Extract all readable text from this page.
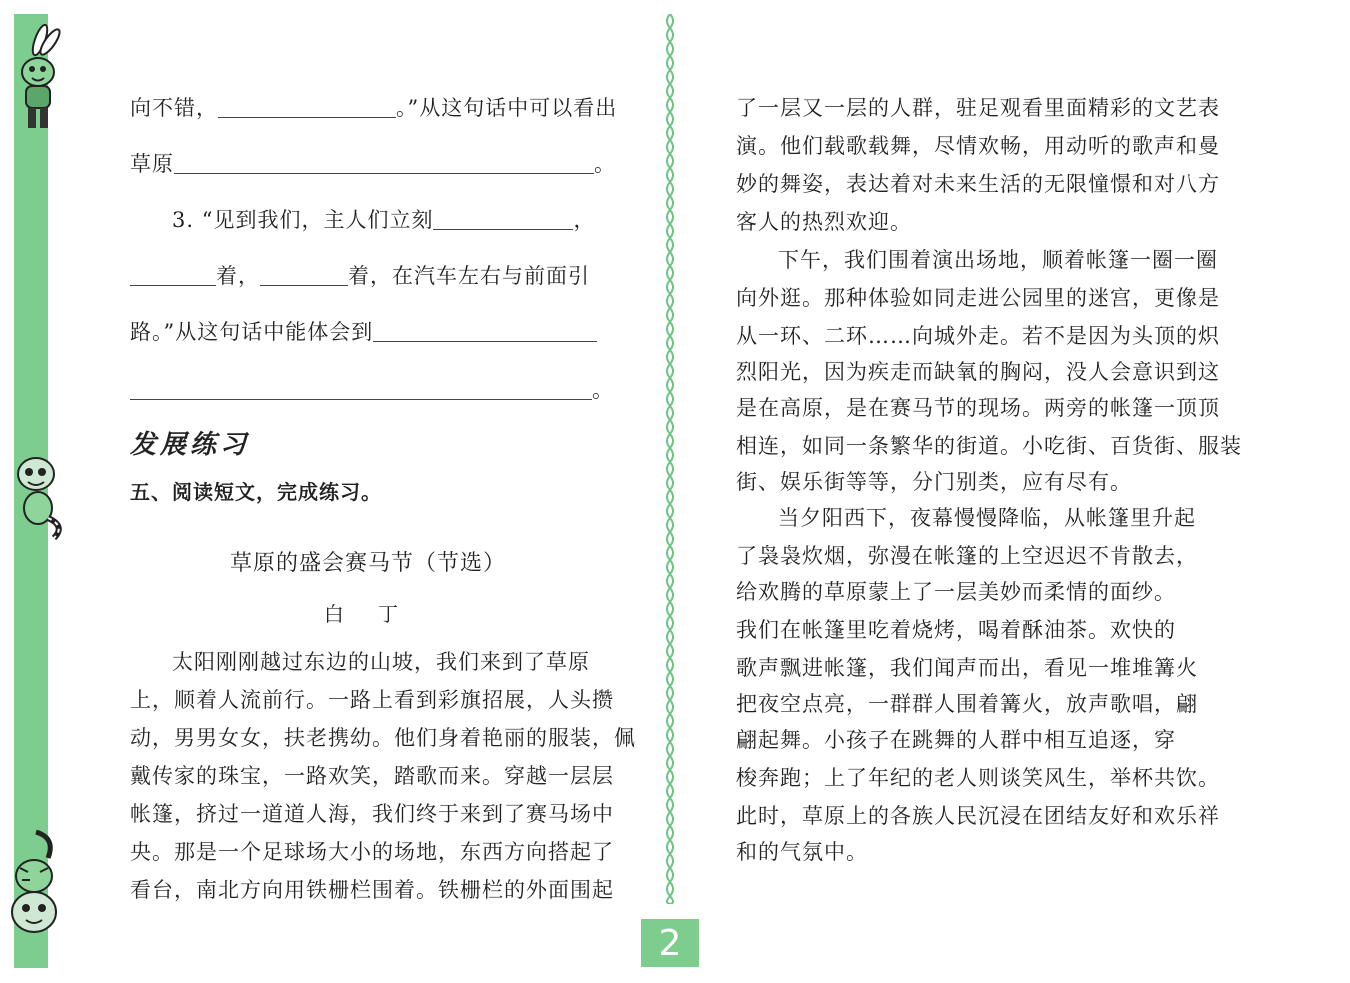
2
向不错，	。”从这句话中可以看出
草原	。
3. “见到我们，主人们立刻	，
着，	着，在汽车左右与前面引
路。”从这句话中能体会到
。
发展练习
五、阅读短文，完成练习。
草原的盛会赛马节（节选）
白 丁
太阳刚刚越过东边的山坡，我们来到了草原
上，顺着人流前行。一路上看到彩旗招展，人头攒
动，男男女女，扶老携幼。他们身着艳丽的服装，佩
戴传家的珠宝，一路欢笑，踏歌而来。穿越一层层
帐篷，挤过一道道人海，我们终于来到了赛马场中
央。那是一个足球场大小的场地，东西方向搭起了
看台，南北方向用铁栅栏围着。铁栅栏的外面围起
了一层又一层的人群，驻足观看里面精彩的文艺表
演。他们载歌载舞，尽情欢畅，用动听的歌声和曼
妙的舞姿，表达着对未来生活的无限憧憬和对八方
客人的热烈欢迎。
下午，我们围着演出场地，顺着帐篷一圈一圈
向外逛。那种体验如同走进公园里的迷宫，更像是
从一环、二环……向城外走。若不是因为头顶的炽
烈阳光，因为疾走而缺氧的胸闷，没人会意识到这
是在高原，是在赛马节的现场。两旁的帐篷一顶顶
相连，如同一条繁华的街道。小吃街、百货街、服装
街、娱乐街等等，分门别类，应有尽有。
当夕阳西下，夜幕慢慢降临，从帐篷里升起
了袅袅炊烟，弥漫在帐篷的上空迟迟不肯散去，
给欢腾的草原蒙上了一层美妙而柔情的面纱。
我们在帐篷里吃着烧烤，喝着酥油茶。欢快的
歌声飘进帐篷，我们闻声而出，看见一堆堆篝火
把夜空点亮，一群群人围着篝火，放声歌唱，翩
翩起舞。小孩子在跳舞的人群中相互追逐，穿
梭奔跑；上了年纪的老人则谈笑风生，举杯共饮。
此时，草原上的各族人民沉浸在团结友好和欢乐祥
和的气氛中。
